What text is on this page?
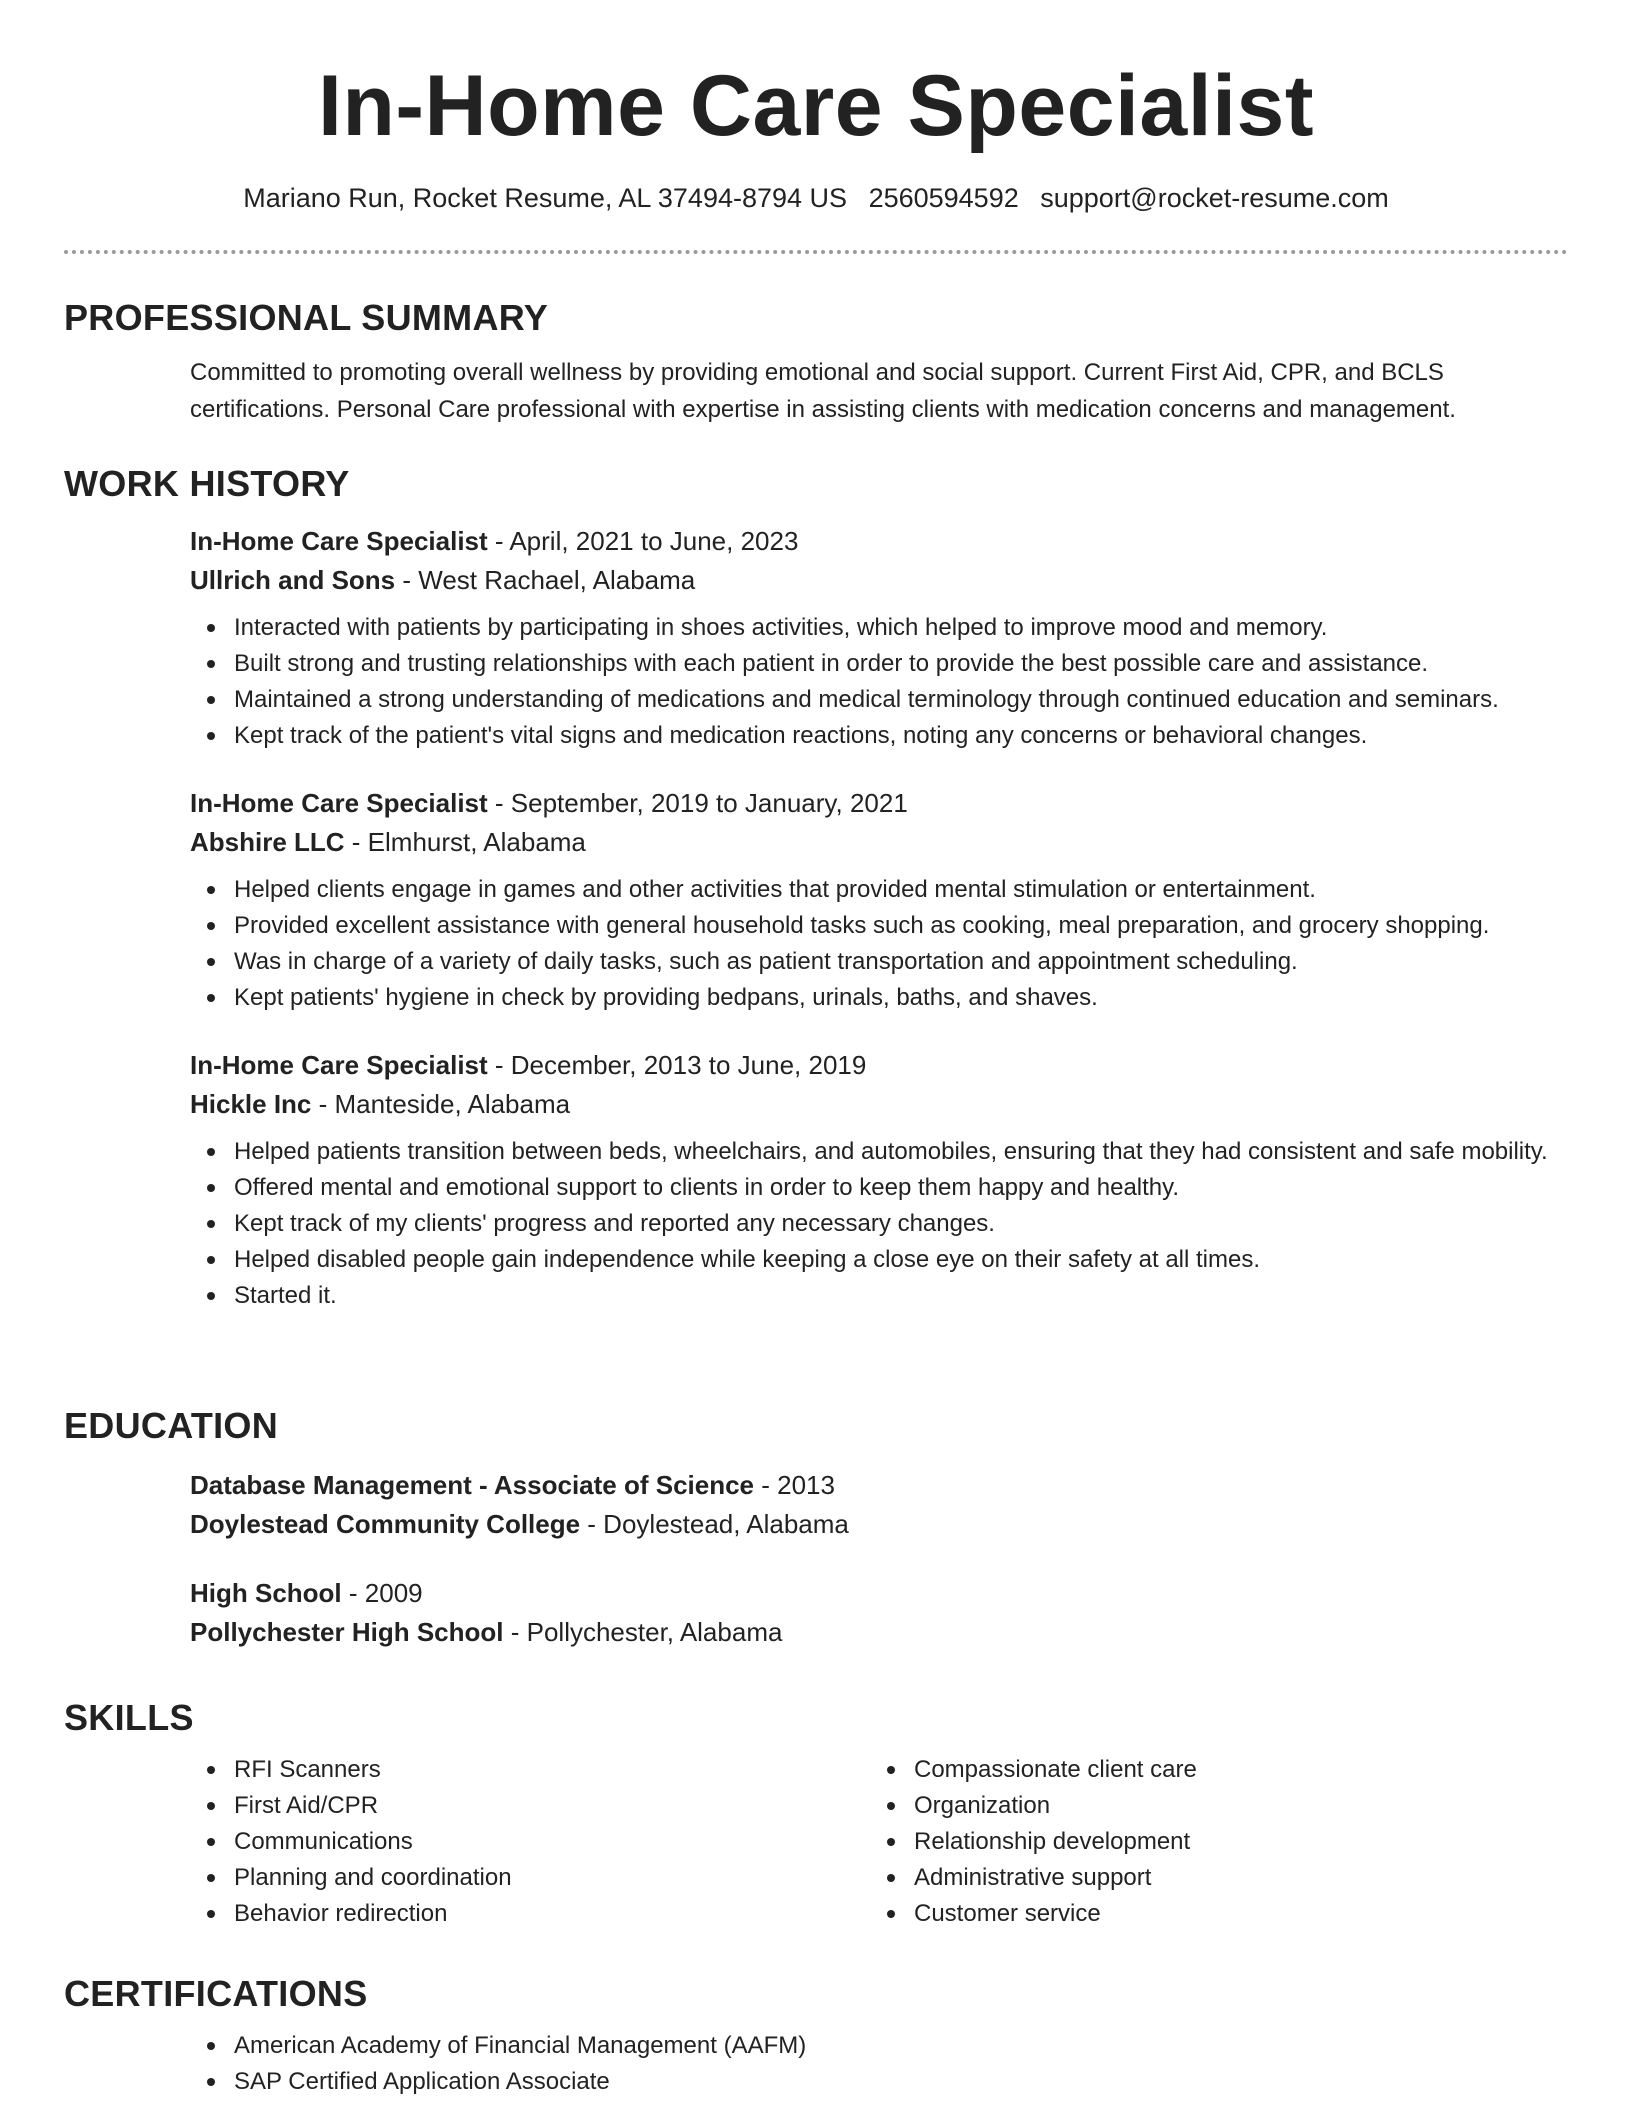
In-Home Care Specialist
Mariano Run, Rocket Resume, AL 37494-8794 US 2560594592 support@rocket-resume.com
PROFESSIONAL SUMMARY

Committed to promoting overall wellness by providing emotional and social support. Current First Aid, CPR, and BCLS certifications. Personal Care professional with expertise in assisting clients with medication concerns and management.

WORK HISTORY
In-Home Care Specialist - April, 2021 to June, 2023
Ullrich and Sons - West Rachael, Alabama
Interacted with patients by participating in shoes activities, which helped to improve mood and memory.
Built strong and trusting relationships with each patient in order to provide the best possible care and assistance.
Maintained a strong understanding of medications and medical terminology through continued education and seminars.
Kept track of the patient's vital signs and medication reactions, noting any concerns or behavioral changes.
In-Home Care Specialist - September, 2019 to January, 2021
Abshire LLC - Elmhurst, Alabama
Helped clients engage in games and other activities that provided mental stimulation or entertainment.
Provided excellent assistance with general household tasks such as cooking, meal preparation, and grocery shopping.
Was in charge of a variety of daily tasks, such as patient transportation and appointment scheduling.
Kept patients' hygiene in check by providing bedpans, urinals, baths, and shaves.
In-Home Care Specialist - December, 2013 to June, 2019
Hickle Inc - Manteside, Alabama
Helped patients transition between beds, wheelchairs, and automobiles, ensuring that they had consistent and safe mobility.
Offered mental and emotional support to clients in order to keep them happy and healthy.
Kept track of my clients' progress and reported any necessary changes.
Helped disabled people gain independence while keeping a close eye on their safety at all times.
Started it.
EDUCATION
Database Management - Associate of Science - 2013
Doylestead Community College - Doylestead, Alabama
High School - 2009
Pollychester High School - Pollychester, Alabama
SKILLS
RFI Scanners
First Aid/CPR
Communications
Planning and coordination
Behavior redirection
Compassionate client care
Organization
Relationship development
Administrative support
Customer service
CERTIFICATIONS
American Academy of Financial Management (AAFM)
SAP Certified Application Associate
